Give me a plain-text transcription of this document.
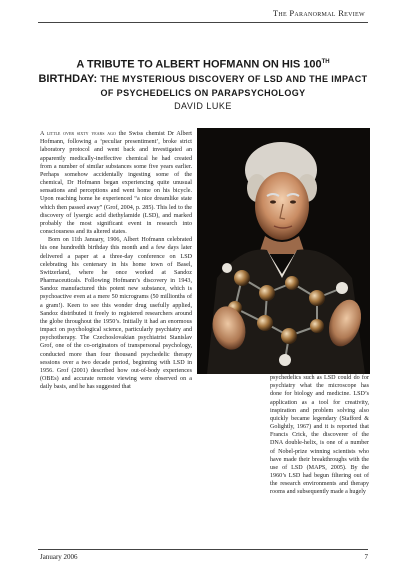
The Paranormal Review
A TRIBUTE TO ALBERT HOFMANN ON HIS 100TH
BIRTHDAY: THE MYSTERIOUS DISCOVERY OF LSD AND THE IMPACT OF PSYCHEDELICS ON PARAPSYCHOLOGY
DAVID LUKE

A little over sixty years ago the Swiss chemist Dr Albert Hofmann, following a ‘peculiar presentiment’, broke strict laboratory protocol and went back and investigated an apparently medically-ineffective chemical he had created from a number of similar substances some five years earlier. Perhaps somehow accidentally ingesting some of the chemical, Dr Hofmann began experiencing quite unusual sensations and perceptions and went home on his bicycle. Upon reaching home he experienced “a nice dreamlike state which then passed away” (Grof, 2004, p. 285). This led to the discovery of lysergic acid diethylamide (LSD), and marked probably the most significant event in research into consciousness and its altered states.

Born on 11th January, 1906, Albert Hofmann celebrated his one hundredth birthday this month and a few days later delivered a paper at a three-day conference on LSD celebrating his centenary in his home town of Basel, Switzerland, where he once worked at Sandoz Pharmaceuticals. Following Hofmann’s discovery in 1943, Sandoz manufactured this potent new substance, which is psychoactive even at a mere 50 micrograms (50 millionths of a gram!). Keen to see this wonder drug usefully applied, Sandoz distributed it freely to registered researchers around the globe throughout the 1950’s. Initially it had an enormous impact on psychological science, particularly psychiatry and psychotherapy. The Czechoslovakian psychiatrist Stanislav Grof, one of the co-originators of transpersonal psychology, conducted more than four thousand psychedelic therapy sessions over a two decade period, beginning with LSD in 1956. Grof (2001) described how out-of-body experiences (OBEs) and accurate remote viewing were observed on a daily basis, and he has suggested that

psychedelics such as LSD could do for psychiatry what the microscope has done for biology and medicine. LSD’s application as a tool for creativity, inspiration and problem solving also quickly became legendary (Stafford & Golightly, 1967) and it is reported that Francis Crick, the discoverer of the DNA double-helix, is one of a number of Nobel-prize winning scientists who have made their breakthroughs with the use of LSD (MAPS, 2005). By the 1960’s LSD had begun filtering out of the research environments and therapy rooms and subsequently made a hugely

January 2006	7
